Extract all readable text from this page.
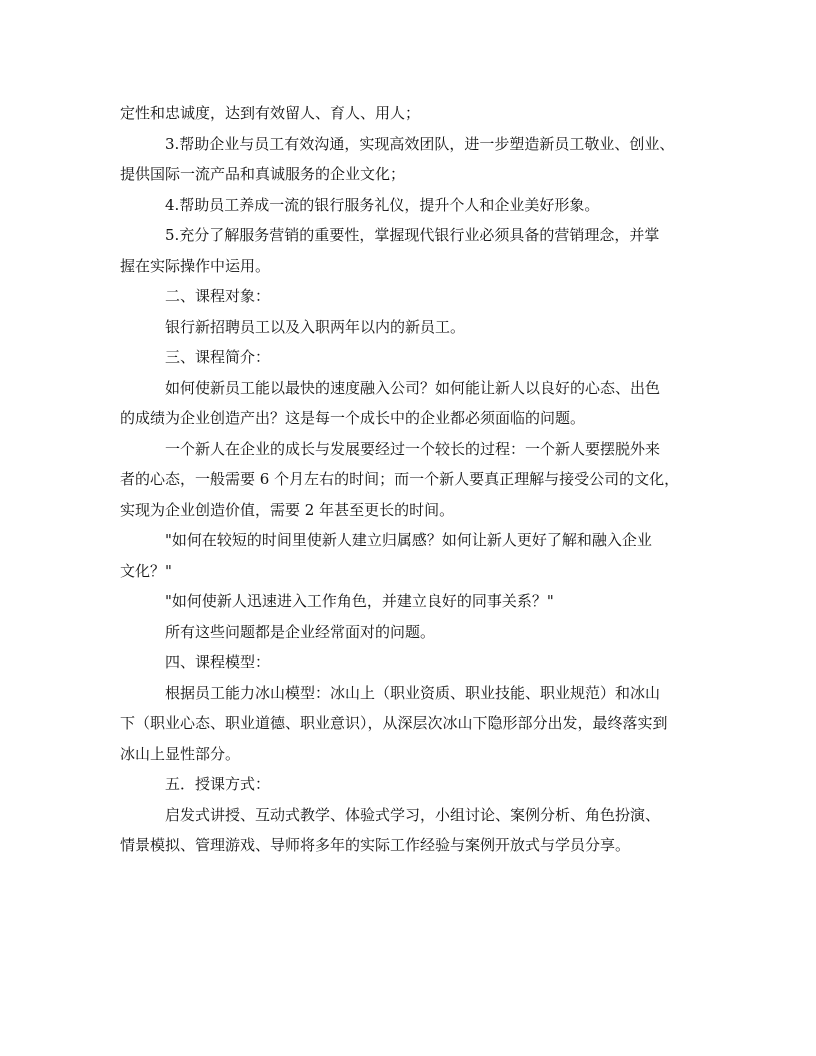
定性和忠诚度，达到有效留人、育人、用人；

3.帮助企业与员工有效沟通，实现高效团队，进一步塑造新员工敬业、创业、

提供国际一流产品和真诚服务的企业文化；

4.帮助员工养成一流的银行服务礼仪，提升个人和企业美好形象。

5.充分了解服务营销的重要性，掌握现代银行业必须具备的营销理念，并掌

握在实际操作中运用。

二、课程对象：

银行新招聘员工以及入职两年以内的新员工。

三、课程简介：

如何使新员工能以最快的速度融入公司？如何能让新人以良好的心态、出色

的成绩为企业创造产出？这是每一个成长中的企业都必须面临的问题。

一个新人在企业的成长与发展要经过一个较长的过程：一个新人要摆脱外来

者的心态，一般需要 6 个月左右的时间；而一个新人要真正理解与接受公司的文化，

实现为企业创造价值，需要 2 年甚至更长的时间。

"如何在较短的时间里使新人建立归属感？如何让新人更好了解和融入企业

文化？"

"如何使新人迅速进入工作角色，并建立良好的同事关系？"

所有这些问题都是企业经常面对的问题。

四、课程模型：

根据员工能力冰山模型：冰山上（职业资质、职业技能、职业规范）和冰山

下（职业心态、职业道德、职业意识），从深层次冰山下隐形部分出发，最终落实到

冰山上显性部分。

五．授课方式：

启发式讲授、互动式教学、体验式学习，小组讨论、案例分析、角色扮演、

情景模拟、管理游戏、导师将多年的实际工作经验与案例开放式与学员分享。
